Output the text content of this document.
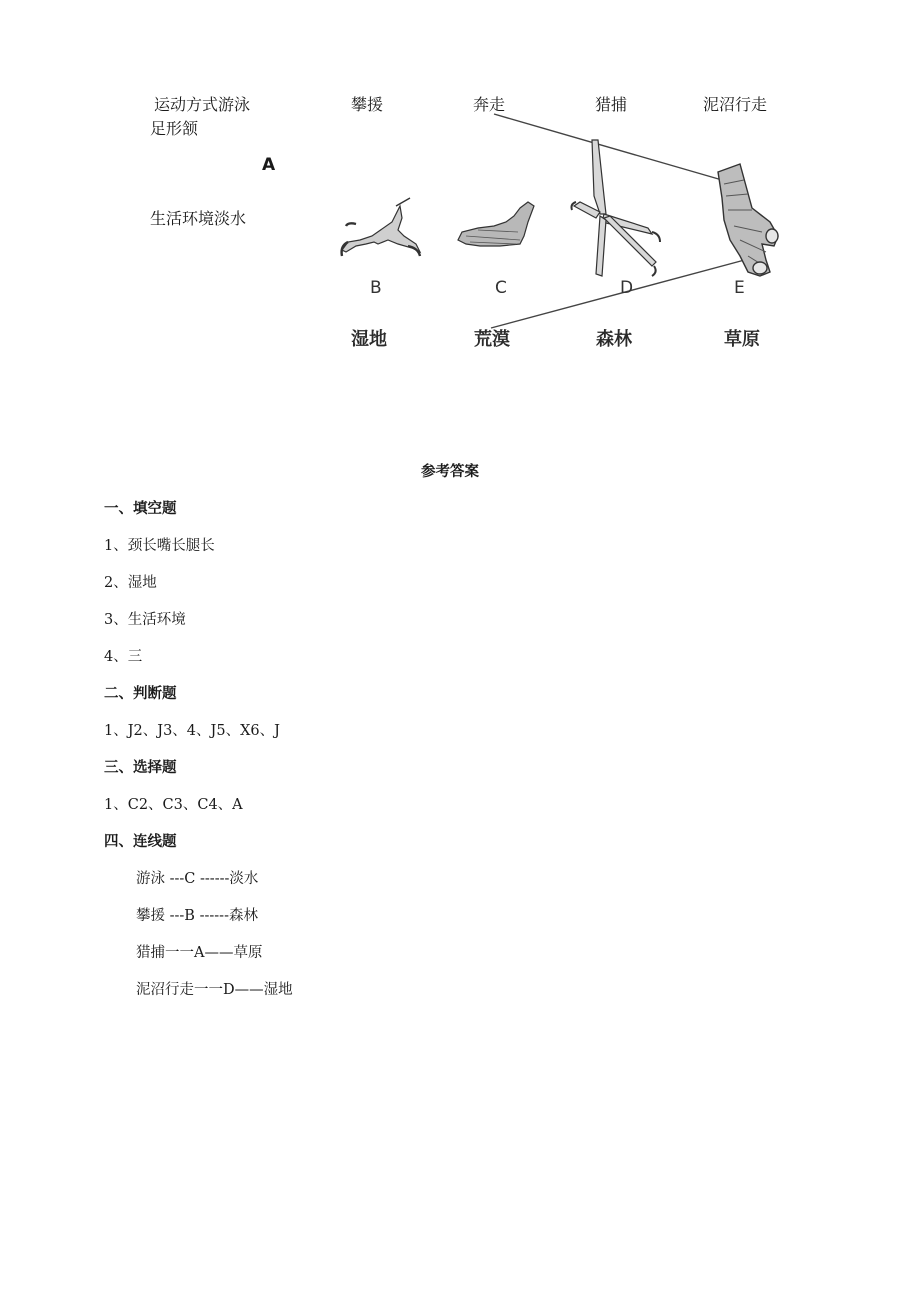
运动方式游泳
足形颔
A
生活环境淡水
攀援	奔走	猎捕	泥沼行走
B	C	D	E
湿地	荒漠	森林	草原
参考答案
一、填空题
1、颈长嘴长腿长
2、湿地
3、生活环境
4、三
二、判断题
1、J2、J3、4、J5、X6、J
三、选择题
1、C2、C3、C4、A
四、连线题
游泳 ---C ------淡水
攀援 ---B ------森林
猎捕一一A——草原
泥沼行走一一D——湿地
